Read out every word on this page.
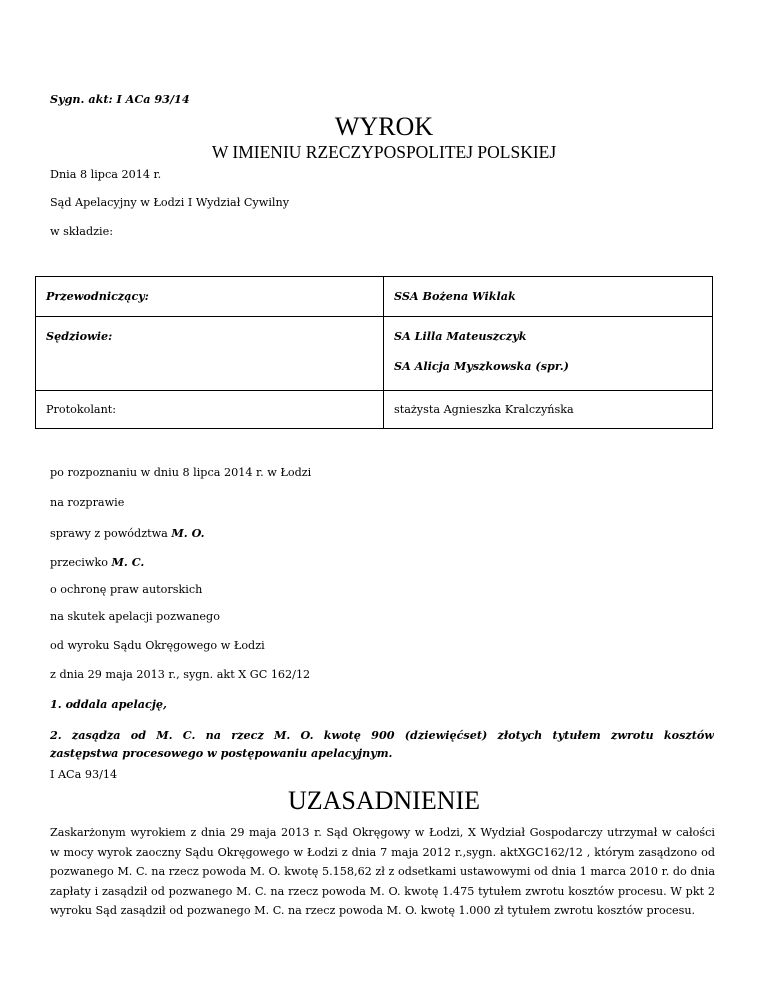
Sygn. akt: I ACa 93/14
WYROK
W IMIENIU RZECZYPOSPOLITEJ POLSKIEJ
Dnia 8 lipca 2014 r.
Sąd Apelacyjny w Łodzi I Wydział Cywilny
w składzie:
Przewodniczący:	SSA Bożena Wiklak

Sędziowie:	SA Lilla Mateuszczyk
SA Alicja Myszkowska (spr.)

Protokolant:	stażysta Agnieszka Kralczyńska
po rozpoznaniu w dniu 8 lipca 2014 r. w Łodzi
na rozprawie
sprawy z powództwa M. O.
przeciwko M. C.
o ochronę praw autorskich
na skutek apelacji pozwanego
od wyroku Sądu Okręgowego w Łodzi
z dnia 29 maja 2013 r., sygn. akt X GC 162/12
1. oddala apelację,
2. zasądza od M. C. na rzecz M. O. kwotę 900 (dziewięćset) złotych tytułem zwrotu kosztów
zastępstwa procesowego w postępowaniu apelacyjnym.
I ACa 93/14
UZASADNIENIE
Zaskarżonym wyrokiem z dnia 29 maja 2013 r. Sąd Okręgowy w Łodzi, X Wydział Gospodarczy utrzymał w całości
w mocy wyrok zaoczny Sądu Okręgowego w Łodzi z dnia 7 maja 2012 r.,sygn. aktXGC162/12 , którym zasądzono od
pozwanego M. C. na rzecz powoda M. O. kwotę 5.158,62 zł z odsetkami ustawowymi od dnia 1 marca 2010 r. do dnia
zapłaty i zasądził od pozwanego M. C. na rzecz powoda M. O. kwotę 1.475 tytułem zwrotu kosztów procesu. W pkt 2
wyroku Sąd zasądził od pozwanego M. C. na rzecz powoda M. O. kwotę 1.000 zł tytułem zwrotu kosztów procesu.
